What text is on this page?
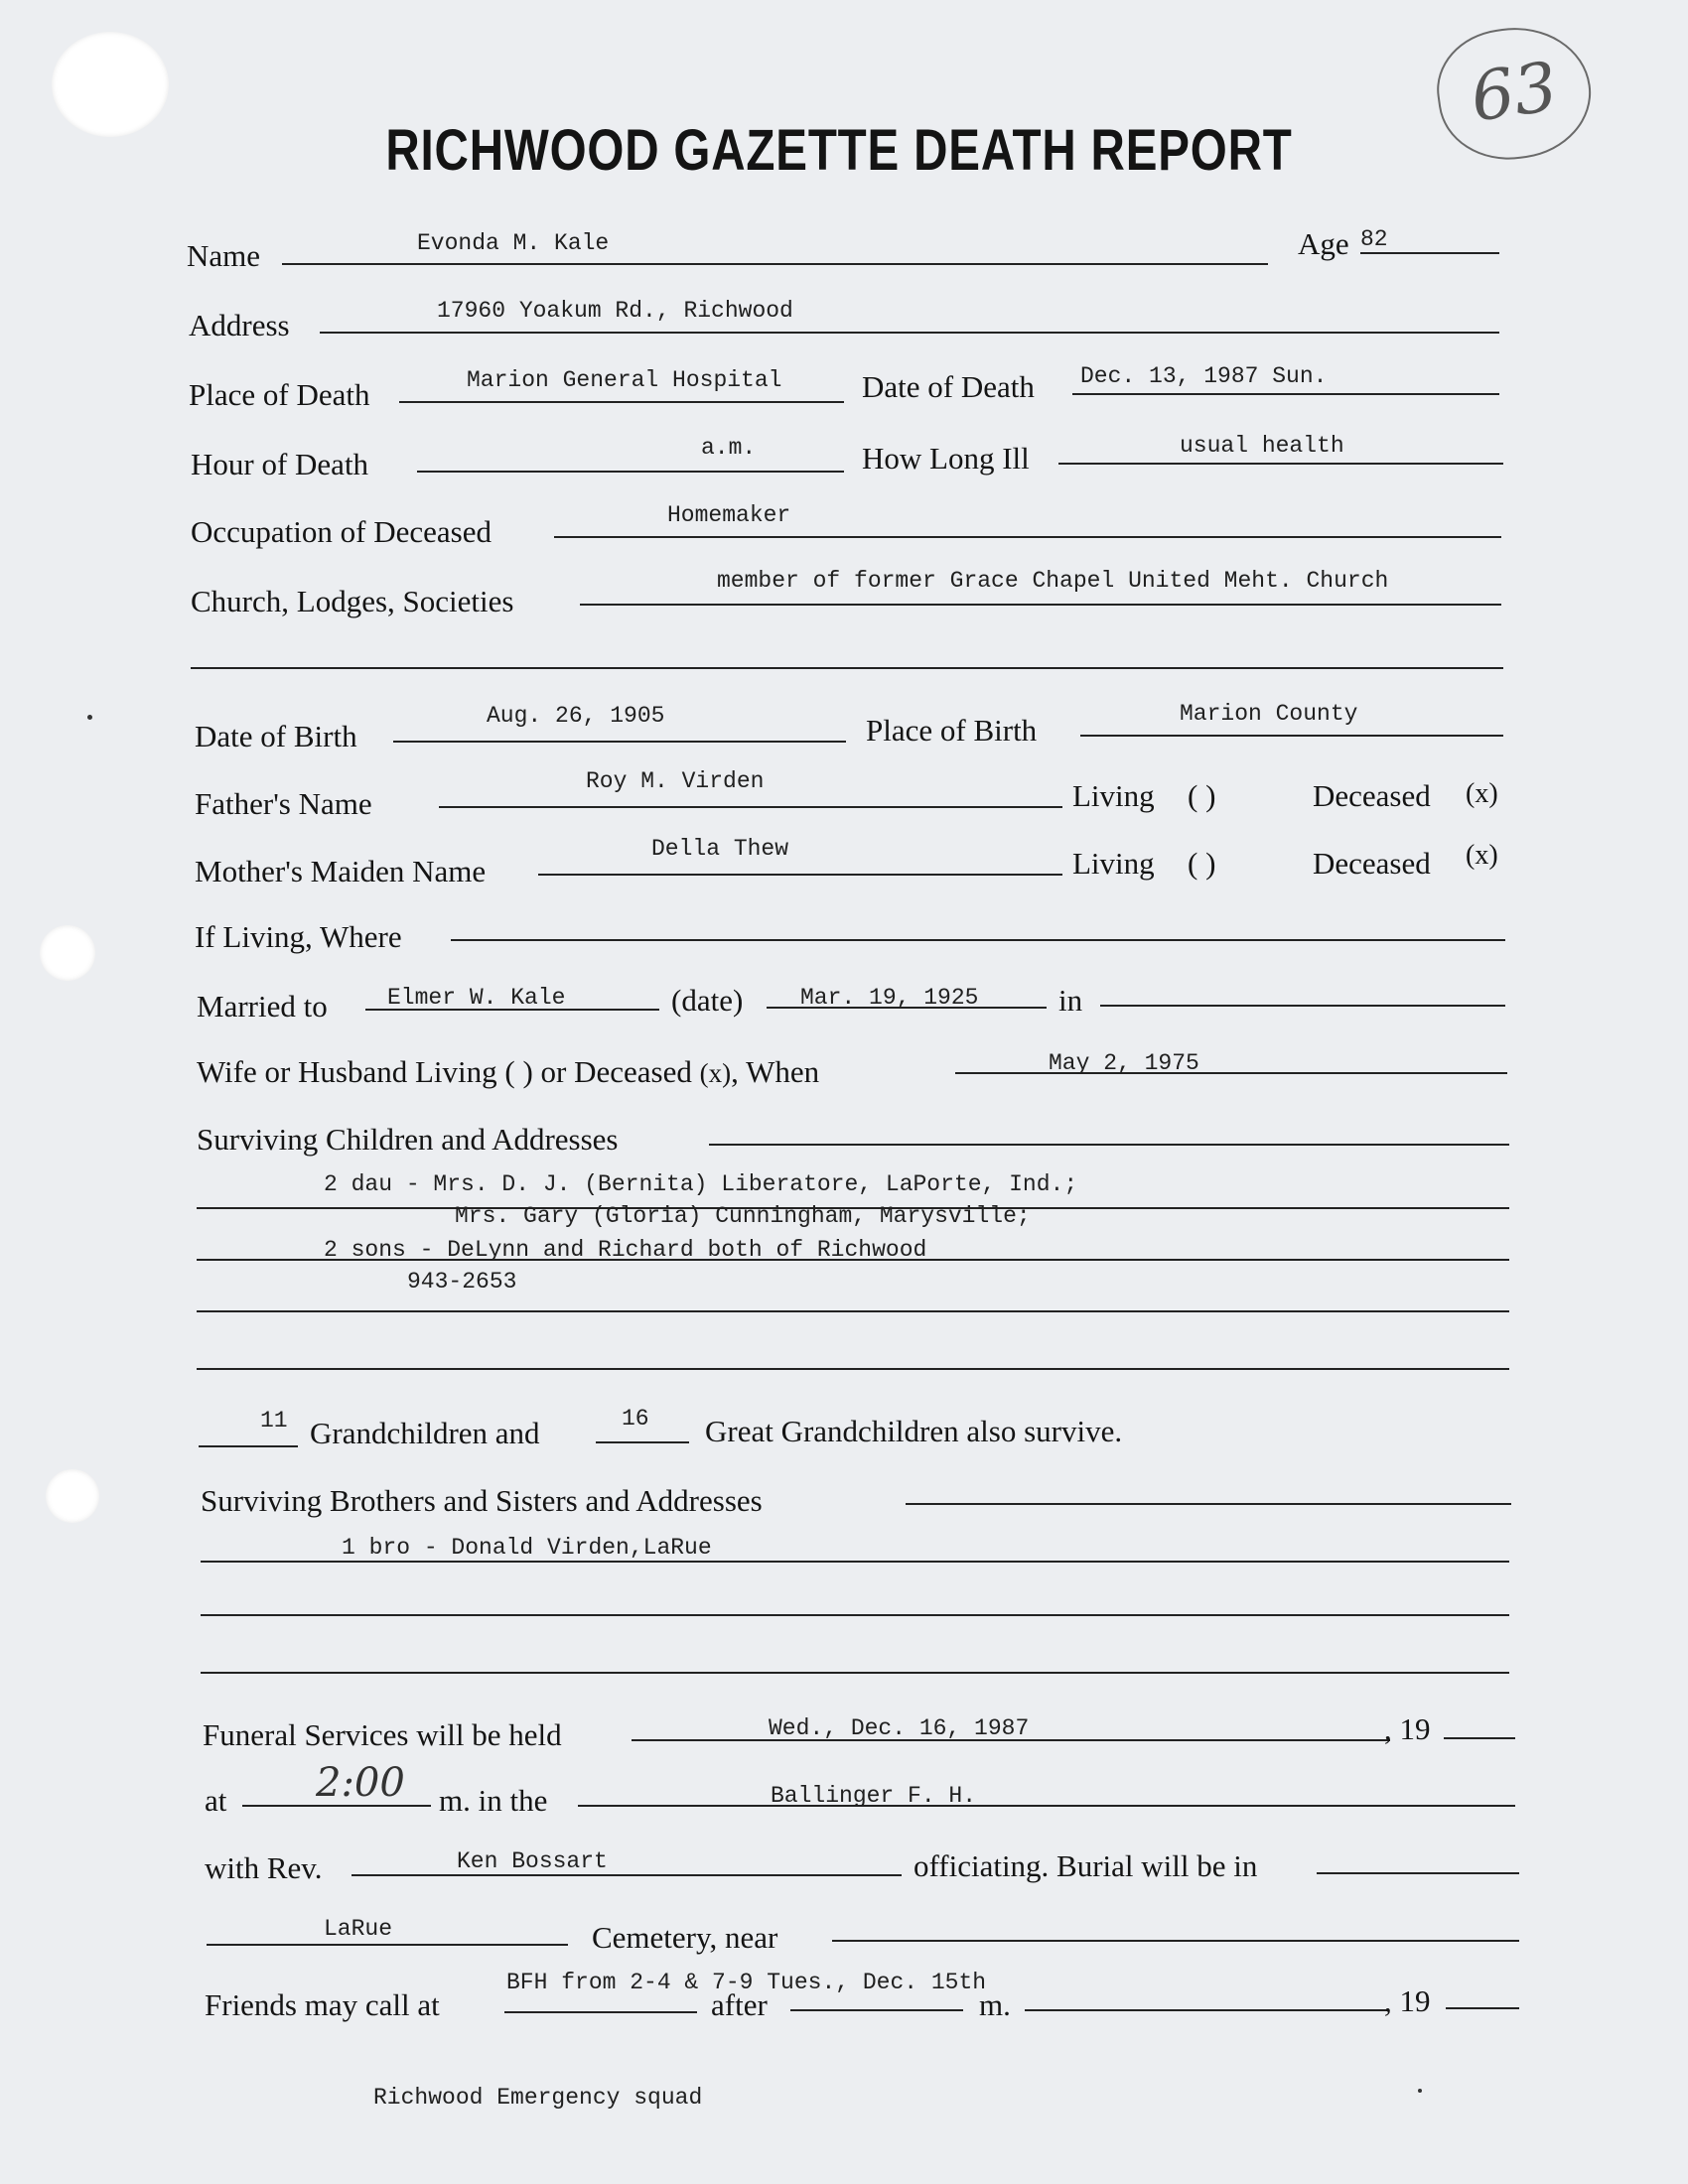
63
RICHWOOD GAZETTE DEATH REPORT
Name	Evonda M. Kale	Age 82
Address	17960 Yoakum Rd., Richwood
Place of Death	Marion General Hospital	Date of Death Dec. 13, 1987 Sun.
Hour of Death	a.m.	How Long Ill	usual health
Occupation of Deceased	Homemaker
Church, Lodges, Societies
member of former Grace Chapel United Meht. Church
Date of Birth
Aug. 26, 1905	Place of Birth	Marion County
Father's Name
Roy M. Virden	Living ( )	Deceased (x)
Mother's Maiden Name
Della Thew	Living ( )	Deceased (x)
If Living, Where
Married to	Elmer W. Kale	(date)	Mar. 19, 1925	in
Wife or Husband Living ( ) or Deceased (x), When	May 2, 1975
Surviving Children and Addresses
2 dau - Mrs. D. J. (Bernita) Liberatore, LaPorte, Ind.;
Mrs. Gary (Gloria) Cunningham, Marysville;
2 sons - DeLynn and Richard both of Richwood
943-2653
11 Grandchildren and	16 Great Grandchildren also survive.
Surviving Brothers and Sisters and Addresses
1 bro - Donald Virden,LaRue
Funeral Services will be held	Wed., Dec. 16, 1987	, 19
at 2:00 m. in the	Ballinger F. H.
with Rev.	Ken Bossart	officiating. Burial will be in
LaRue	Cemetery, near
BFH from 2-4 & 7-9 Tues., Dec. 15th
Friends may call at	after	m.	, 19
Richwood Emergency squad
